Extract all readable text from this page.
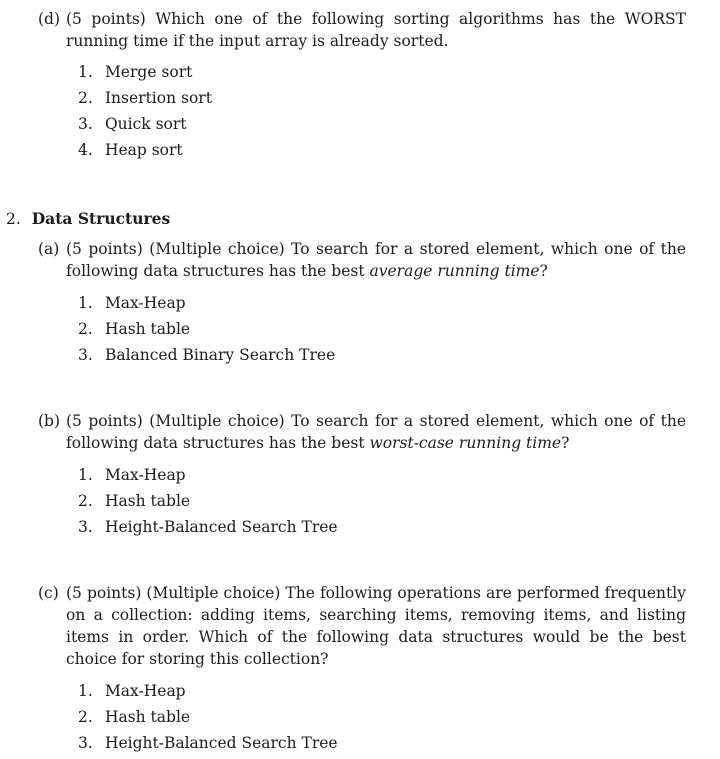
(d) (5 points) Which one of the following sorting algorithms has the WORST running time if the input array is already sorted.
1. Merge sort
2. Insertion sort
3. Quick sort
4. Heap sort
2. Data Structures
(a) (5 points) (Multiple choice) To search for a stored element, which one of the following data structures has the best average running time?
1. Max-Heap
2. Hash table
3. Balanced Binary Search Tree
(b) (5 points) (Multiple choice) To search for a stored element, which one of the following data structures has the best worst-case running time?
1. Max-Heap
2. Hash table
3. Height-Balanced Search Tree
(c) (5 points) (Multiple choice) The following operations are performed frequently on a collection: adding items, searching items, removing items, and listing items in order. Which of the following data structures would be the best choice for storing this collection?
1. Max-Heap
2. Hash table
3. Height-Balanced Search Tree
